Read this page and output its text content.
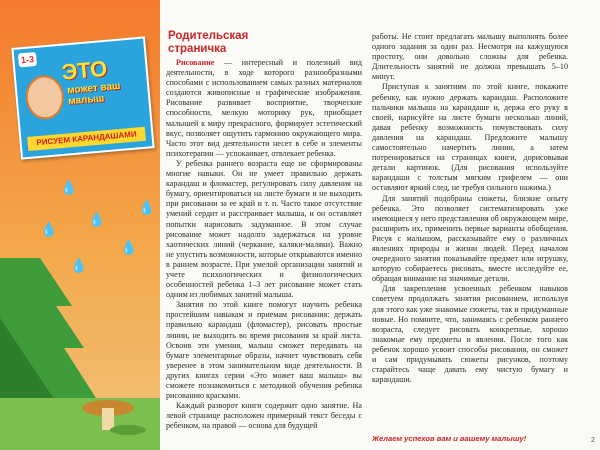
1-3 ЭТО
может ваш малыш
РИСУЕМ КАРАНДАШАМИ
💧
💧
💧
💧
💧
💧
Родительская
страничка

Рисование — интересный и полезный вид деятельности, в ходе которого разнообразными способами с использованием самых разных материалов создаются живописные и графические изображения. Рисование развивает восприятие, творческие способности, мелкую моторику рук, приобщает малышей к миру прекрасного, формирует эстетический вкус, позволяет ощутить гармонию окружающего мира. Часто этот вид деятельности несет в себе и элементы психотерапии — успокаивает, отвлекает ребенка.

У ребенка раннего возраста еще не сформированы многие навыки. Он не умеет правильно держать карандаш и фломастер, регулировать силу давления на бумагу, ориентироваться на листе бумаги и не выходить при рисовании за ее край и т. п. Часто такое отсутствие умений сердит и расстраивает малыша, и он оставляет попытки нарисовать задуманное. В этом случае рисование может надолго задержаться на уровне хаотических линий (черкание, каляки-маляки). Важно не упустить возможности, которые открываются именно в раннем возрасте. При умелой организации занятий и учете психологических и физиологических особенностей ребенка 1–3 лет рисование может стать одним из любимых занятий малыша.

Занятия по этой книге помогут научить ребенка простейшим навыкам и приемам рисования: держать правильно карандаш (фломастер), рисовать простые линии, не выходить во время рисования за край листа. Освоив эти умения, малыш сможет передавать на бумаге элементарные образы, начнет чувствовать себя уверенее в этом занимательном виде деятельности. В других книгах серии «Это может ваш малыш» вы сможете познакомиться с методикой обучения ребенка рисованию красками.

Каждый разворот книги содержит одно занятие. На левой странице расположен примерный текст беседы с ребенком, на правой — основа для будущей

работы. Не стоит предлагать малышу выполнять более одного задания за один раз. Несмотря на кажущуюся простоту, они довольно сложны для ребенка. Длительность занятий не должна превышать 5–10 минут.

Приступая к занятиям по этой книге, покажите ребенку, как нужно держать карандаш. Расположите пальчики малыша на карандаше и, держа его руку в своей, нарисуйте на листе бумаги несколько линий, давая ребенку возможность почувствовать силу давления на карандаш. Предложите малышу самостоятельно начертить линии, а затем потренироваться на страницах книги, дорисовывая детали картинок. (Для рисования используйте карандаши с толстым мягким грифелем — они оставляют яркий след, не требуя сильного нажима.)

Для занятий подобраны сюжеты, близкие опыту ребенка. Это позволяет систематизировать уже имеющиеся у него представления об окружающем мире, расширить их, применить первые варианты обобщения. Рисуя с малышом, рассказывайте ему о различных явлениях природы и жизни людей. Перед началом очередного занятия показывайте предмет или игрушку, которую собираетесь рисовать, вместе исследуйте ее, обращая внимание на значимые детали.

Для закрепления усвоенных ребенком навыков советуем продолжать занятия рисованием, используя для этого как уже знакомые сюжеты, так и придуманные новые. Но помните, что, занимаясь с ребенком раннего возраста, следует рисовать конкретные, хорошо знакомые ему предметы и явления. После того как ребенок хорошо усвоит способы рисования, он сможет и сам придумывать сюжеты рисунков, поэтому старайтесь чаще давать ему чистую бумагу и карандаши.

Желаем успехов вам и вашему малышу!	2
